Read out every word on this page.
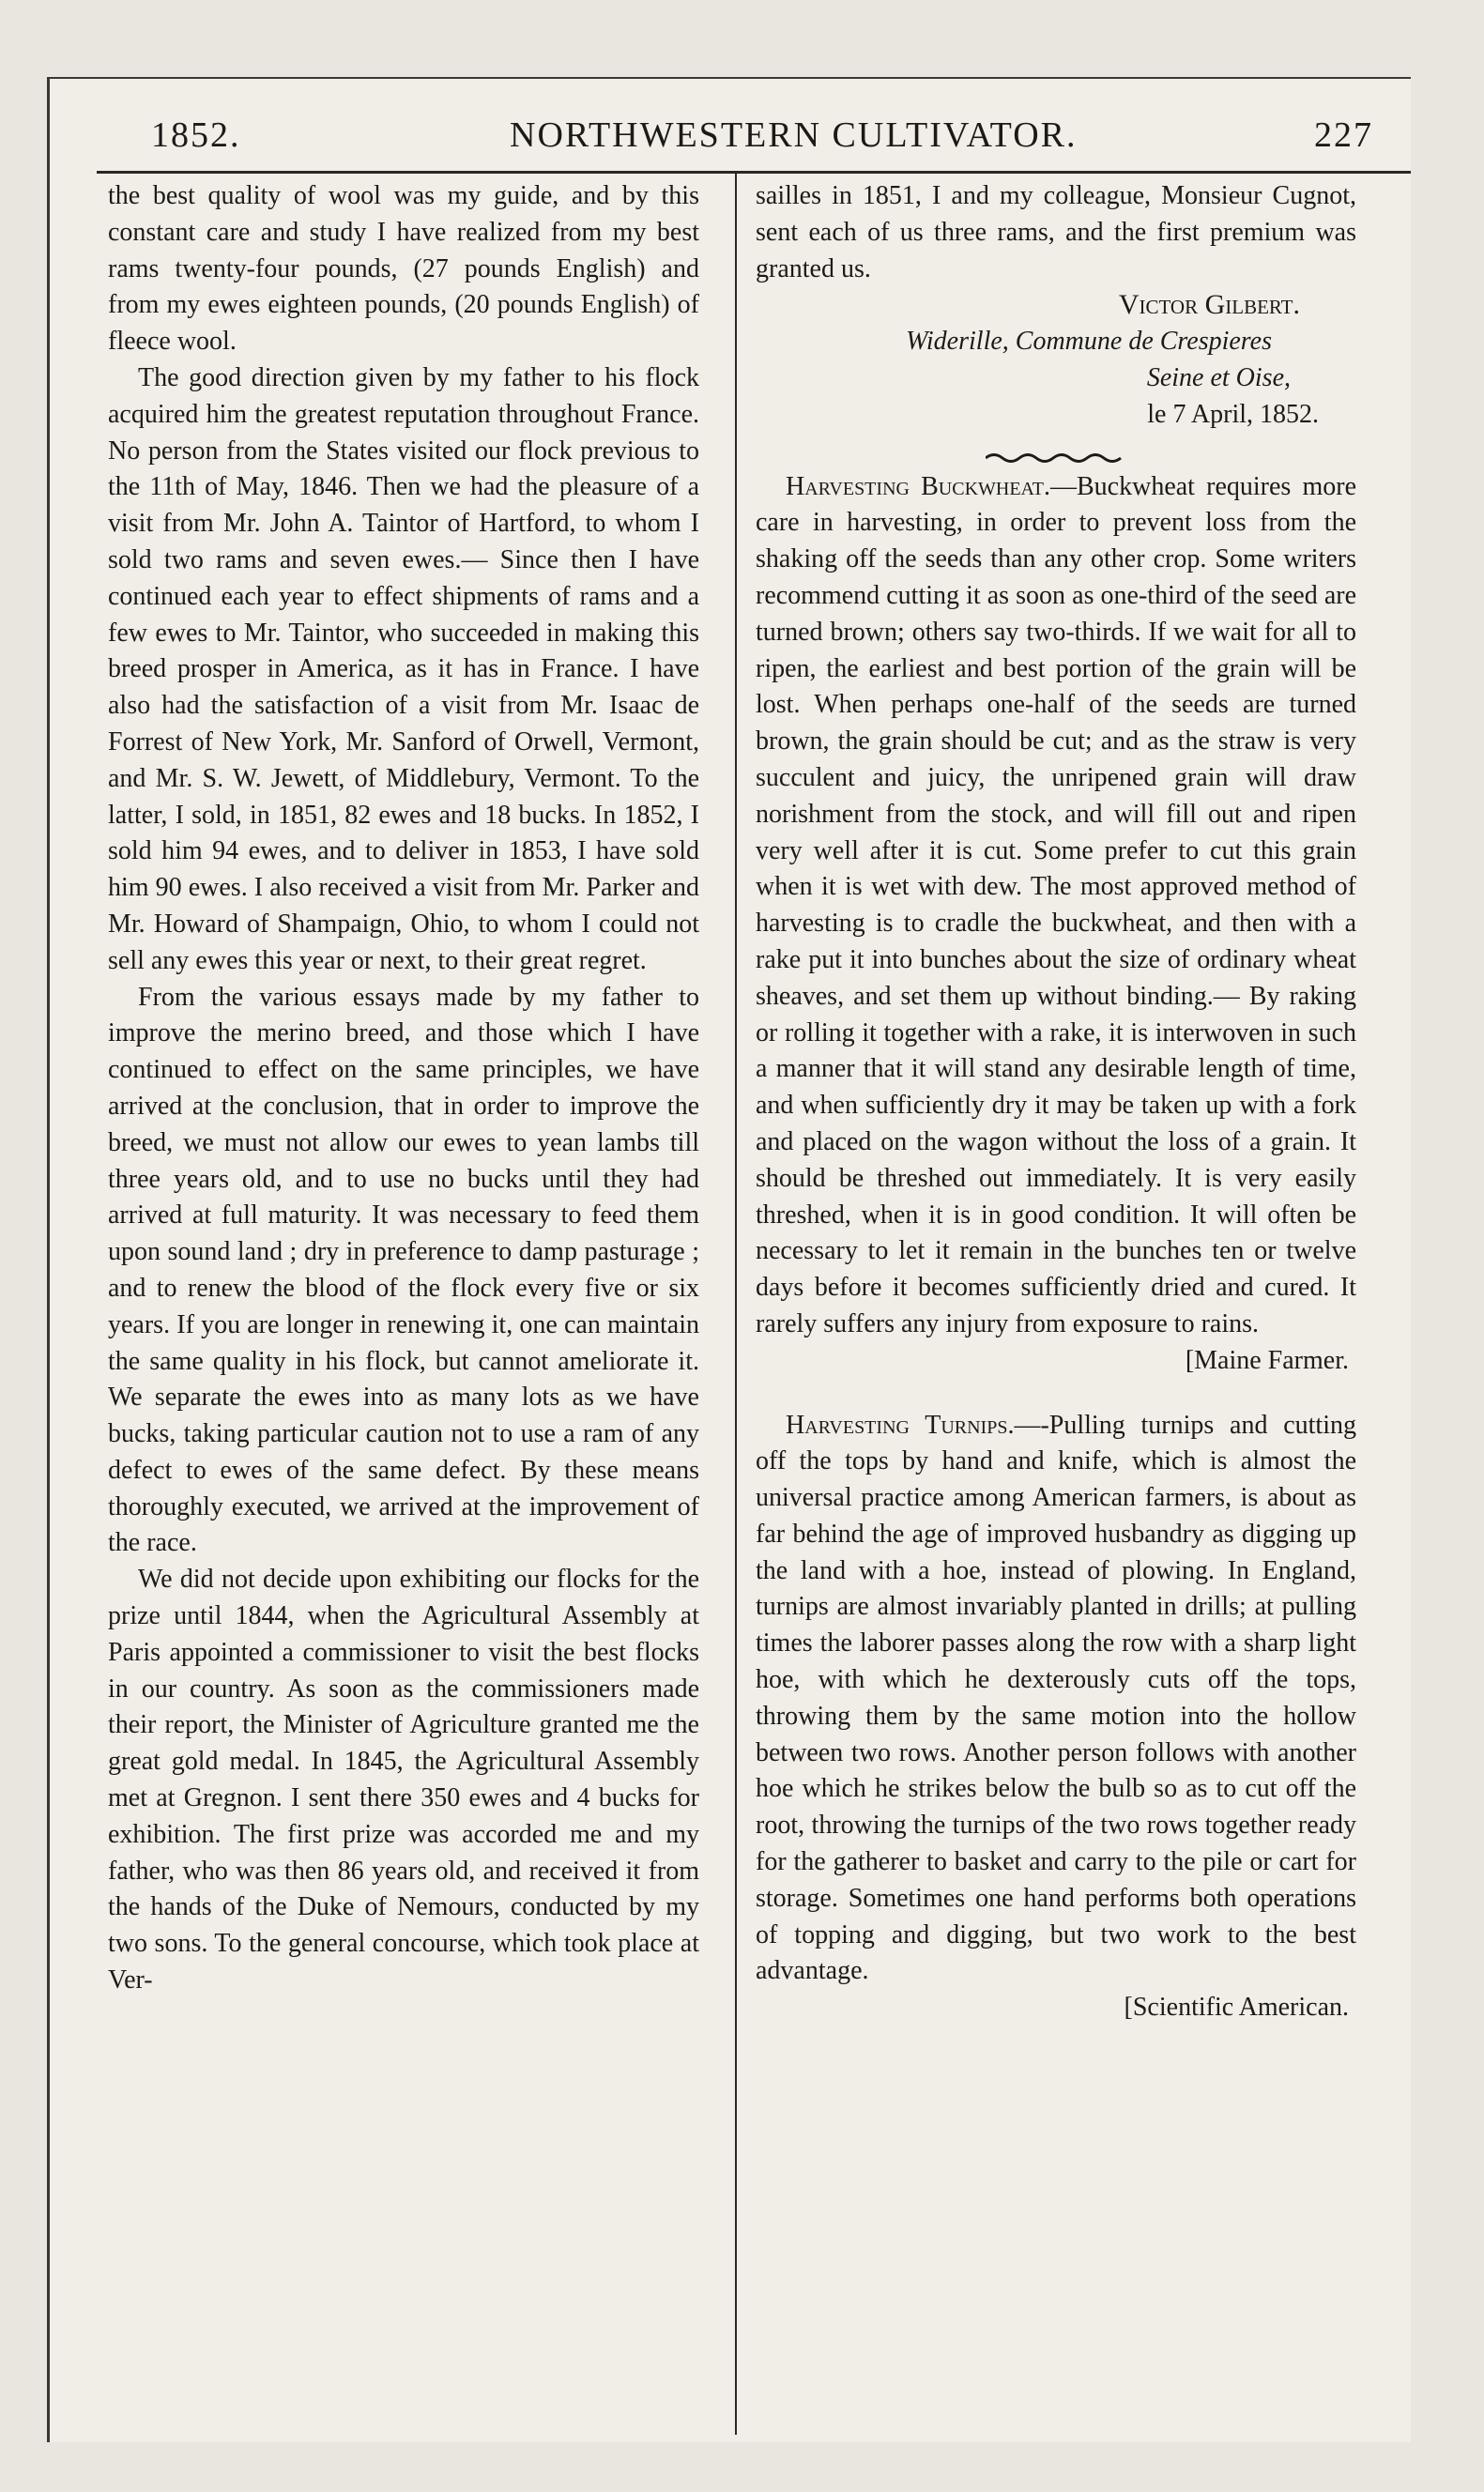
1852.	NORTHWESTERN CULTIVATOR.	227

the best quality of wool was my guide, and by this constant care and study I have realized from my best rams twenty-four pounds, (27 pounds English) and from my ewes eighteen pounds, (20 pounds English) of fleece wool.

The good direction given by my father to his flock acquired him the greatest reputation throughout France. No person from the States visited our flock previous to the 11th of May, 1846. Then we had the pleasure of a visit from Mr. John A. Taintor of Hartford, to whom I sold two rams and seven ewes.— Since then I have continued each year to effect shipments of rams and a few ewes to Mr. Taintor, who succeeded in making this breed prosper in America, as it has in France. I have also had the satisfaction of a visit from Mr. Isaac de Forrest of New York, Mr. Sanford of Orwell, Vermont, and Mr. S. W. Jewett, of Middlebury, Vermont. To the latter, I sold, in 1851, 82 ewes and 18 bucks. In 1852, I sold him 94 ewes, and to deliver in 1853, I have sold him 90 ewes. I also received a visit from Mr. Parker and Mr. Howard of Shampaign, Ohio, to whom I could not sell any ewes this year or next, to their great regret.

From the various essays made by my father to improve the merino breed, and those which I have continued to effect on the same principles, we have arrived at the conclusion, that in order to improve the breed, we must not allow our ewes to yean lambs till three years old, and to use no bucks until they had arrived at full maturity. It was necessary to feed them upon sound land ; dry in preference to damp pasturage ; and to renew the blood of the flock every five or six years. If you are longer in renewing it, one can maintain the same quality in his flock, but cannot ameliorate it. We separate the ewes into as many lots as we have bucks, taking particular caution not to use a ram of any defect to ewes of the same defect. By these means thoroughly executed, we arrived at the improvement of the race.

We did not decide upon exhibiting our flocks for the prize until 1844, when the Agricultural Assembly at Paris appointed a commissioner to visit the best flocks in our country. As soon as the commissioners made their report, the Minister of Agriculture granted me the great gold medal. In 1845, the Agricultural Assembly met at Gregnon. I sent there 350 ewes and 4 bucks for exhibition. The first prize was accorded me and my father, who was then 86 years old, and received it from the hands of the Duke of Nemours, conducted by my two sons. To the general concourse, which took place at Ver-

sailles in 1851, I and my colleague, Monsieur Cugnot, sent each of us three rams, and the first premium was granted us.

Victor Gilbert.

Widerille, Commune de Crespieres

Seine et Oise,

le 7 April, 1852.

Harvesting Buckwheat.—Buckwheat requires more care in harvesting, in order to prevent loss from the shaking off the seeds than any other crop. Some writers recommend cutting it as soon as one-third of the seed are turned brown; others say two-thirds. If we wait for all to ripen, the earliest and best portion of the grain will be lost. When perhaps one-half of the seeds are turned brown, the grain should be cut; and as the straw is very succulent and juicy, the unripened grain will draw norishment from the stock, and will fill out and ripen very well after it is cut. Some prefer to cut this grain when it is wet with dew. The most approved method of harvesting is to cradle the buckwheat, and then with a rake put it into bunches about the size of ordinary wheat sheaves, and set them up without binding.— By raking or rolling it together with a rake, it is interwoven in such a manner that it will stand any desirable length of time, and when sufficiently dry it may be taken up with a fork and placed on the wagon without the loss of a grain. It should be threshed out immediately. It is very easily threshed, when it is in good condition. It will often be necessary to let it remain in the bunches ten or twelve days before it becomes sufficiently dried and cured. It rarely suffers any injury from exposure to rains.

[Maine Farmer.

Harvesting Turnips.—-Pulling turnips and cutting off the tops by hand and knife, which is almost the universal practice among American farmers, is about as far behind the age of improved husbandry as digging up the land with a hoe, instead of plowing. In England, turnips are almost invariably planted in drills; at pulling times the laborer passes along the row with a sharp light hoe, with which he dexterously cuts off the tops, throwing them by the same motion into the hollow between two rows. Another person follows with another hoe which he strikes below the bulb so as to cut off the root, throwing the turnips of the two rows together ready for the gatherer to basket and carry to the pile or cart for storage. Sometimes one hand performs both operations of topping and digging, but two work to the best advantage.

[Scientific American.
